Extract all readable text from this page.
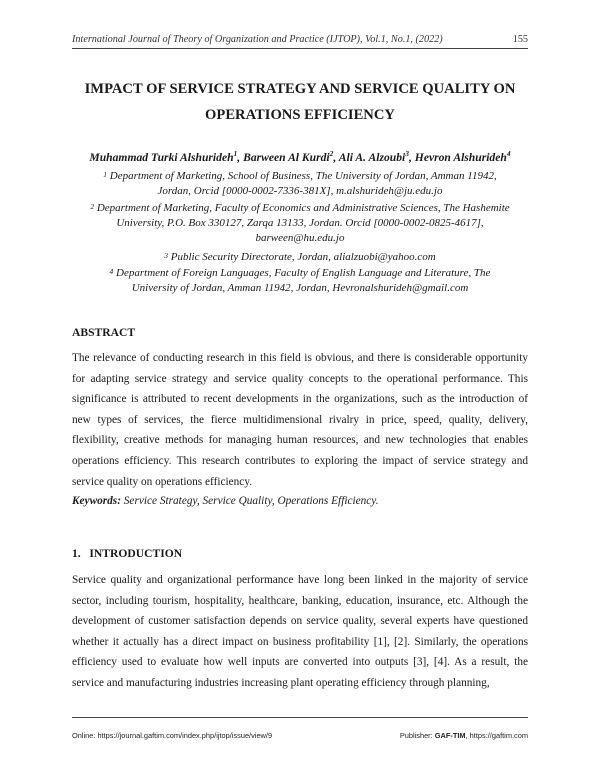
International Journal of Theory of Organization and Practice (IJTOP), Vol.1, No.1, (2022)	155
IMPACT OF SERVICE STRATEGY AND SERVICE QUALITY ON
OPERATIONS EFFICIENCY
Muhammad Turki Alshurideh$^1$, Barween Al Kurdi$^2$, Ali A. Alzoubi$^3$, Hevron Alshurideh$^4$
$^1$ Department of Marketing, School of Business, The University of Jordan, Amman 11942,
Jordan, Orcid [0000-0002-7336-381X], m.alshurideh@ju.edu.jo
$^2$ Department of Marketing, Faculty of Economics and Administrative Sciences, The Hashemite
University, P.O. Box 330127, Zarqa 13133, Jordan. Orcid [0000-0002-0825-4617],
barween@hu.edu.jo
$^3$ Public Security Directorate, Jordan, alialzuobi@yahoo.com
$^4$ Department of Foreign Languages, Faculty of English Language and Literature, The
University of Jordan, Amman 11942, Jordan, Hevronalshurideh@gmail.com
ABSTRACT
The relevance of conducting research in this field is obvious, and there is considerable opportunity for adapting service strategy and service quality concepts to the operational performance. This significance is attributed to recent developments in the organizations, such as the introduction of new types of services, the fierce multidimensional rivalry in price, speed, quality, delivery, flexibility, creative methods for managing human resources, and new technologies that enables operations efficiency. This research contributes to exploring the impact of service strategy and service quality on operations efficiency.
Keywords: Service Strategy, Service Quality, Operations Efficiency.
1.   INTRODUCTION
Service quality and organizational performance have long been linked in the majority of service sector, including tourism, hospitality, healthcare, banking, education, insurance, etc. Although the development of customer satisfaction depends on service quality, several experts have questioned whether it actually has a direct impact on business profitability [1], [2]. Similarly, the operations efficiency used to evaluate how well inputs are converted into outputs [3], [4]. As a result, the service and manufacturing industries increasing plant operating efficiency through planning,
Online: https://journal.gaftim.com/index.php/ijtop/issue/view/9	Publisher: GAF-TIM, https://gaftim.com
